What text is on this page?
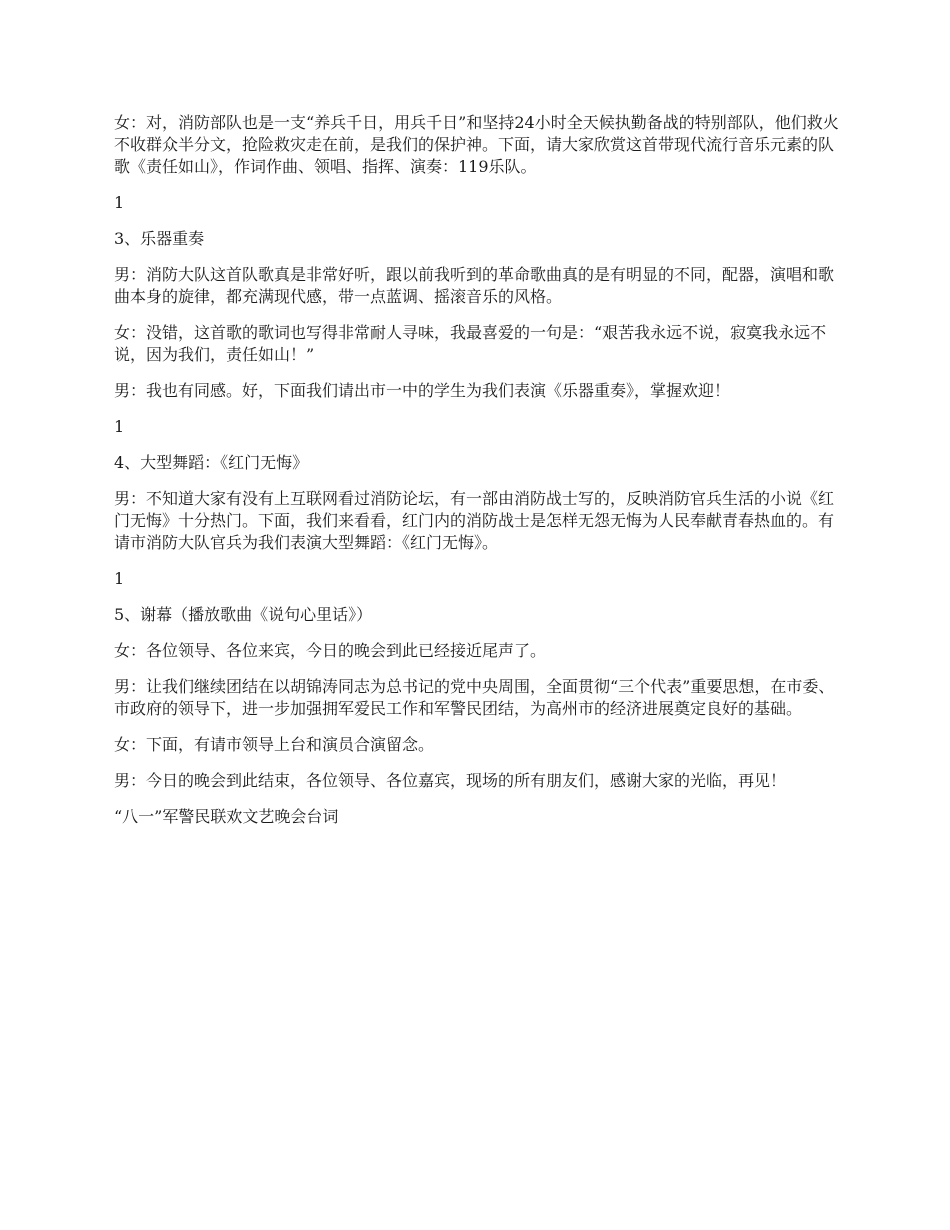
女：对，消防部队也是一支“养兵千日，用兵千日”和坚持24小时全天候执勤备战的特别部队，他们救火不收群众半分文，抢险救灾走在前，是我们的保护神。下面，请大家欣赏这首带现代流行音乐元素的队歌《责任如山》，作词作曲、领唱、指挥、演奏：119乐队。

1

3、乐器重奏

男：消防大队这首队歌真是非常好听，跟以前我听到的革命歌曲真的是有明显的不同，配器，演唱和歌曲本身的旋律，都充满现代感，带一点蓝调、摇滚音乐的风格。

女：没错，这首歌的歌词也写得非常耐人寻味，我最喜爱的一句是：“艰苦我永远不说，寂寞我永远不说，因为我们，责任如山！”

男：我也有同感。好，下面我们请出市一中的学生为我们表演《乐器重奏》，掌握欢迎！

1

4、大型舞蹈：《红门无悔》

男：不知道大家有没有上互联网看过消防论坛，有一部由消防战士写的，反映消防官兵生活的小说《红门无悔》十分热门。下面，我们来看看，红门内的消防战士是怎样无怨无悔为人民奉献青春热血的。有请市消防大队官兵为我们表演大型舞蹈：《红门无悔》。

1

5、谢幕（播放歌曲《说句心里话》）

女：各位领导、各位来宾，今日的晚会到此已经接近尾声了。

男：让我们继续团结在以胡锦涛同志为总书记的党中央周围，全面贯彻“三个代表”重要思想，在市委、市政府的领导下，进一步加强拥军爱民工作和军警民团结，为高州市的经济进展奠定良好的基础。

女：下面，有请市领导上台和演员合演留念。

男：今日的晚会到此结束，各位领导、各位嘉宾，现场的所有朋友们，感谢大家的光临，再见！

“八一”军警民联欢文艺晚会台词
